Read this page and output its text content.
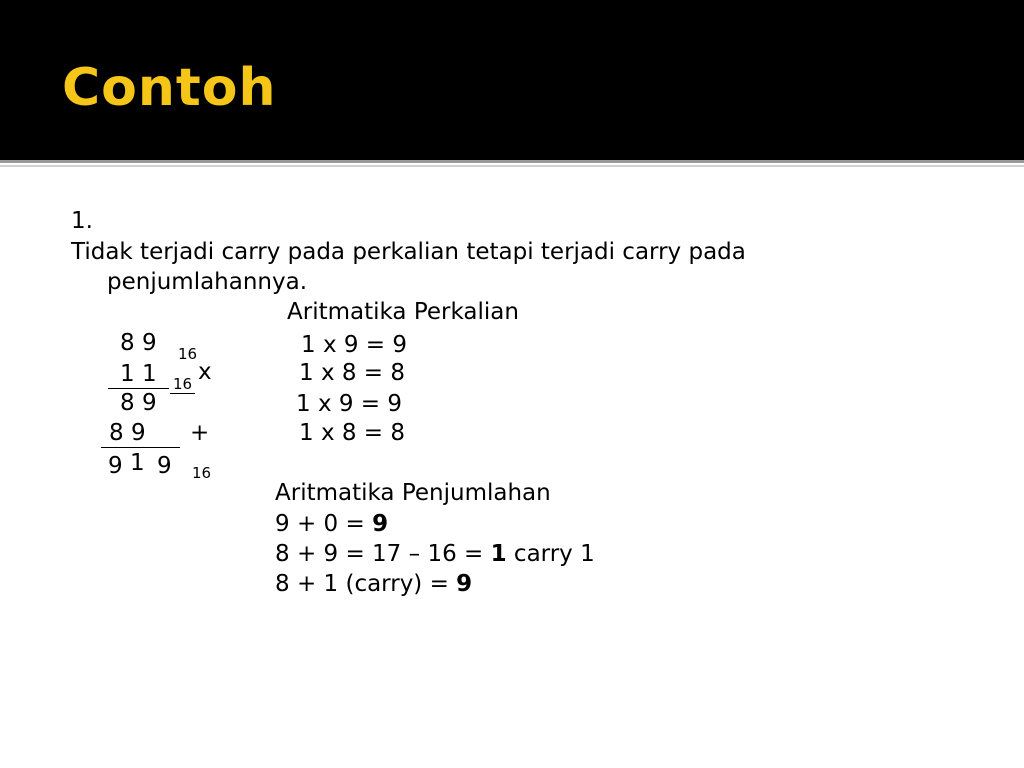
Contoh
1.
Tidak terjadi carry pada perkalian tetapi terjadi carry pada
penjumlahannya.
Aritmatika Perkalian
8 9 16
1 1	16 x
8 9
8 9	+
9 1 9 16
1 x 9 = 9
1 x 8 = 8
1 x 9 = 9
1 x 8 = 8
Aritmatika Penjumlahan
9 + 0 = 9
8 + 9 = 17 – 16 = 1 carry 1
8 + 1 (carry) = 9
